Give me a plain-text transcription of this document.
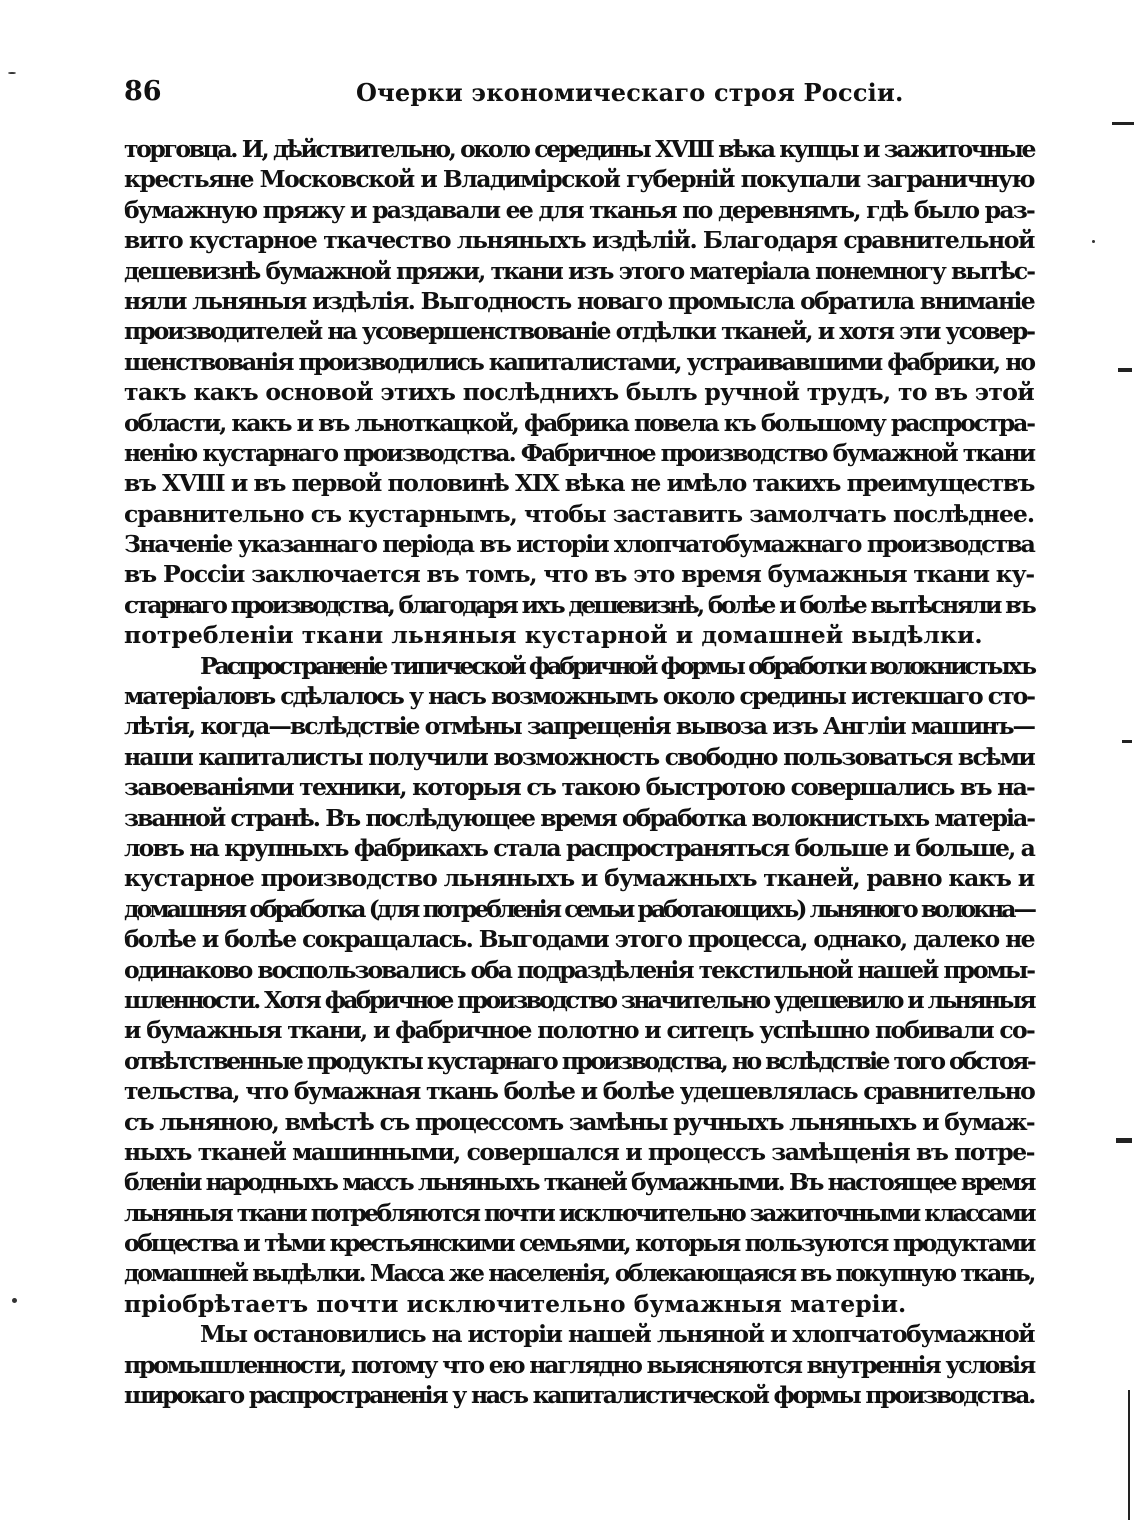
86	Очерки экономическаго строя Россiи.
торговца. И, дѣйствительно, около середины XVIII вѣка купцы и зажиточные
крестьяне Московской и Владимiрской губерній покупали заграничную
бумажную пряжу и раздавали ее для тканья по деревнямъ, гдѣ было раз-
вито кустарное ткачество льняныхъ издѣлій. Благодаря сравнительной
дешевизнѣ бумажной пряжи, ткани изъ этого матеріала понемногу вытѣс-
няли льняныя издѣлія. Выгодность новаго промысла обратила вниманіе
производителей на усовершенствованіе отдѣлки тканей, и хотя эти усовер-
шенствованія производились капиталистами, устраивавшими фабрики, но
такъ какъ основой этихъ послѣднихъ былъ ручной трудъ, то въ этой
области, какъ и въ льноткацкой, фабрика повела къ большому распростра-
ненію кустарнаго производства. Фабричное производство бумажной ткани
въ XVIII и въ первой половинѣ XIX вѣка не имѣло такихъ преимуществъ
сравнительно съ кустарнымъ, чтобы заставить замолчать послѣднее.
Значеніе указаннаго періода въ исторіи хлопчатобумажнаго производства
въ Россіи заключается въ томъ, что въ это время бумажныя ткани ку-
старнаго производства, благодаря ихъ дешевизнѣ, болѣе и болѣе вытѣсняли въ
потребленіи ткани льняныя кустарной и домашней выдѣлки.
Распространеніе типической фабричной формы обработки волокнистыхъ
матеріаловъ сдѣлалось у насъ возможнымъ около средины истекшаго сто-
лѣтія, когда—вслѣдствіе отмѣны запрещенія вывоза изъ Англіи машинъ—
наши капиталисты получили возможность свободно пользоваться всѣми
завоеваніями техники, которыя съ такою быстротою совершались въ на-
званной странѣ. Въ послѣдующее время обработка волокнистыхъ матеріа-
ловъ на крупныхъ фабрикахъ стала распространяться больше и больше, а
кустарное производство льняныхъ и бумажныхъ тканей, равно какъ и
домашняя обработка (для потребленія семьи работающихъ) льняного волокна—
болѣе и болѣе сокращалась. Выгодами этого процесса, однако, далеко не
одинаково воспользовались оба подраздѣленія текстильной нашей промы-
шленности. Хотя фабричное производство значительно удешевило и льняныя
и бумажныя ткани, и фабричное полотно и ситецъ успѣшно побивали со-
отвѣтственные продукты кустарнаго производства, но вслѣдствіе того обстоя-
тельства, что бумажная ткань болѣе и болѣе удешевлялась сравнительно
съ льняною, вмѣстѣ съ процессомъ замѣны ручныхъ льняныхъ и бумаж-
ныхъ тканей машинными, совершался и процессъ замѣщенія въ потре-
бленіи народныхъ массъ льняныхъ тканей бумажными. Въ настоящее время
льняныя ткани потребляются почти исключительно зажиточными классами
общества и тѣми крестьянскими семьями, которыя пользуются продуктами
домашней выдѣлки. Масса же населенія, облекающаяся въ покупную ткань,
пріобрѣтаетъ почти исключительно бумажныя матеріи.
Мы остановились на исторіи нашей льняной и хлопчатобумажной
промышленности, потому что ею наглядно выясняются внутреннія условія
широкаго распространенія у насъ капиталистической формы производства.
